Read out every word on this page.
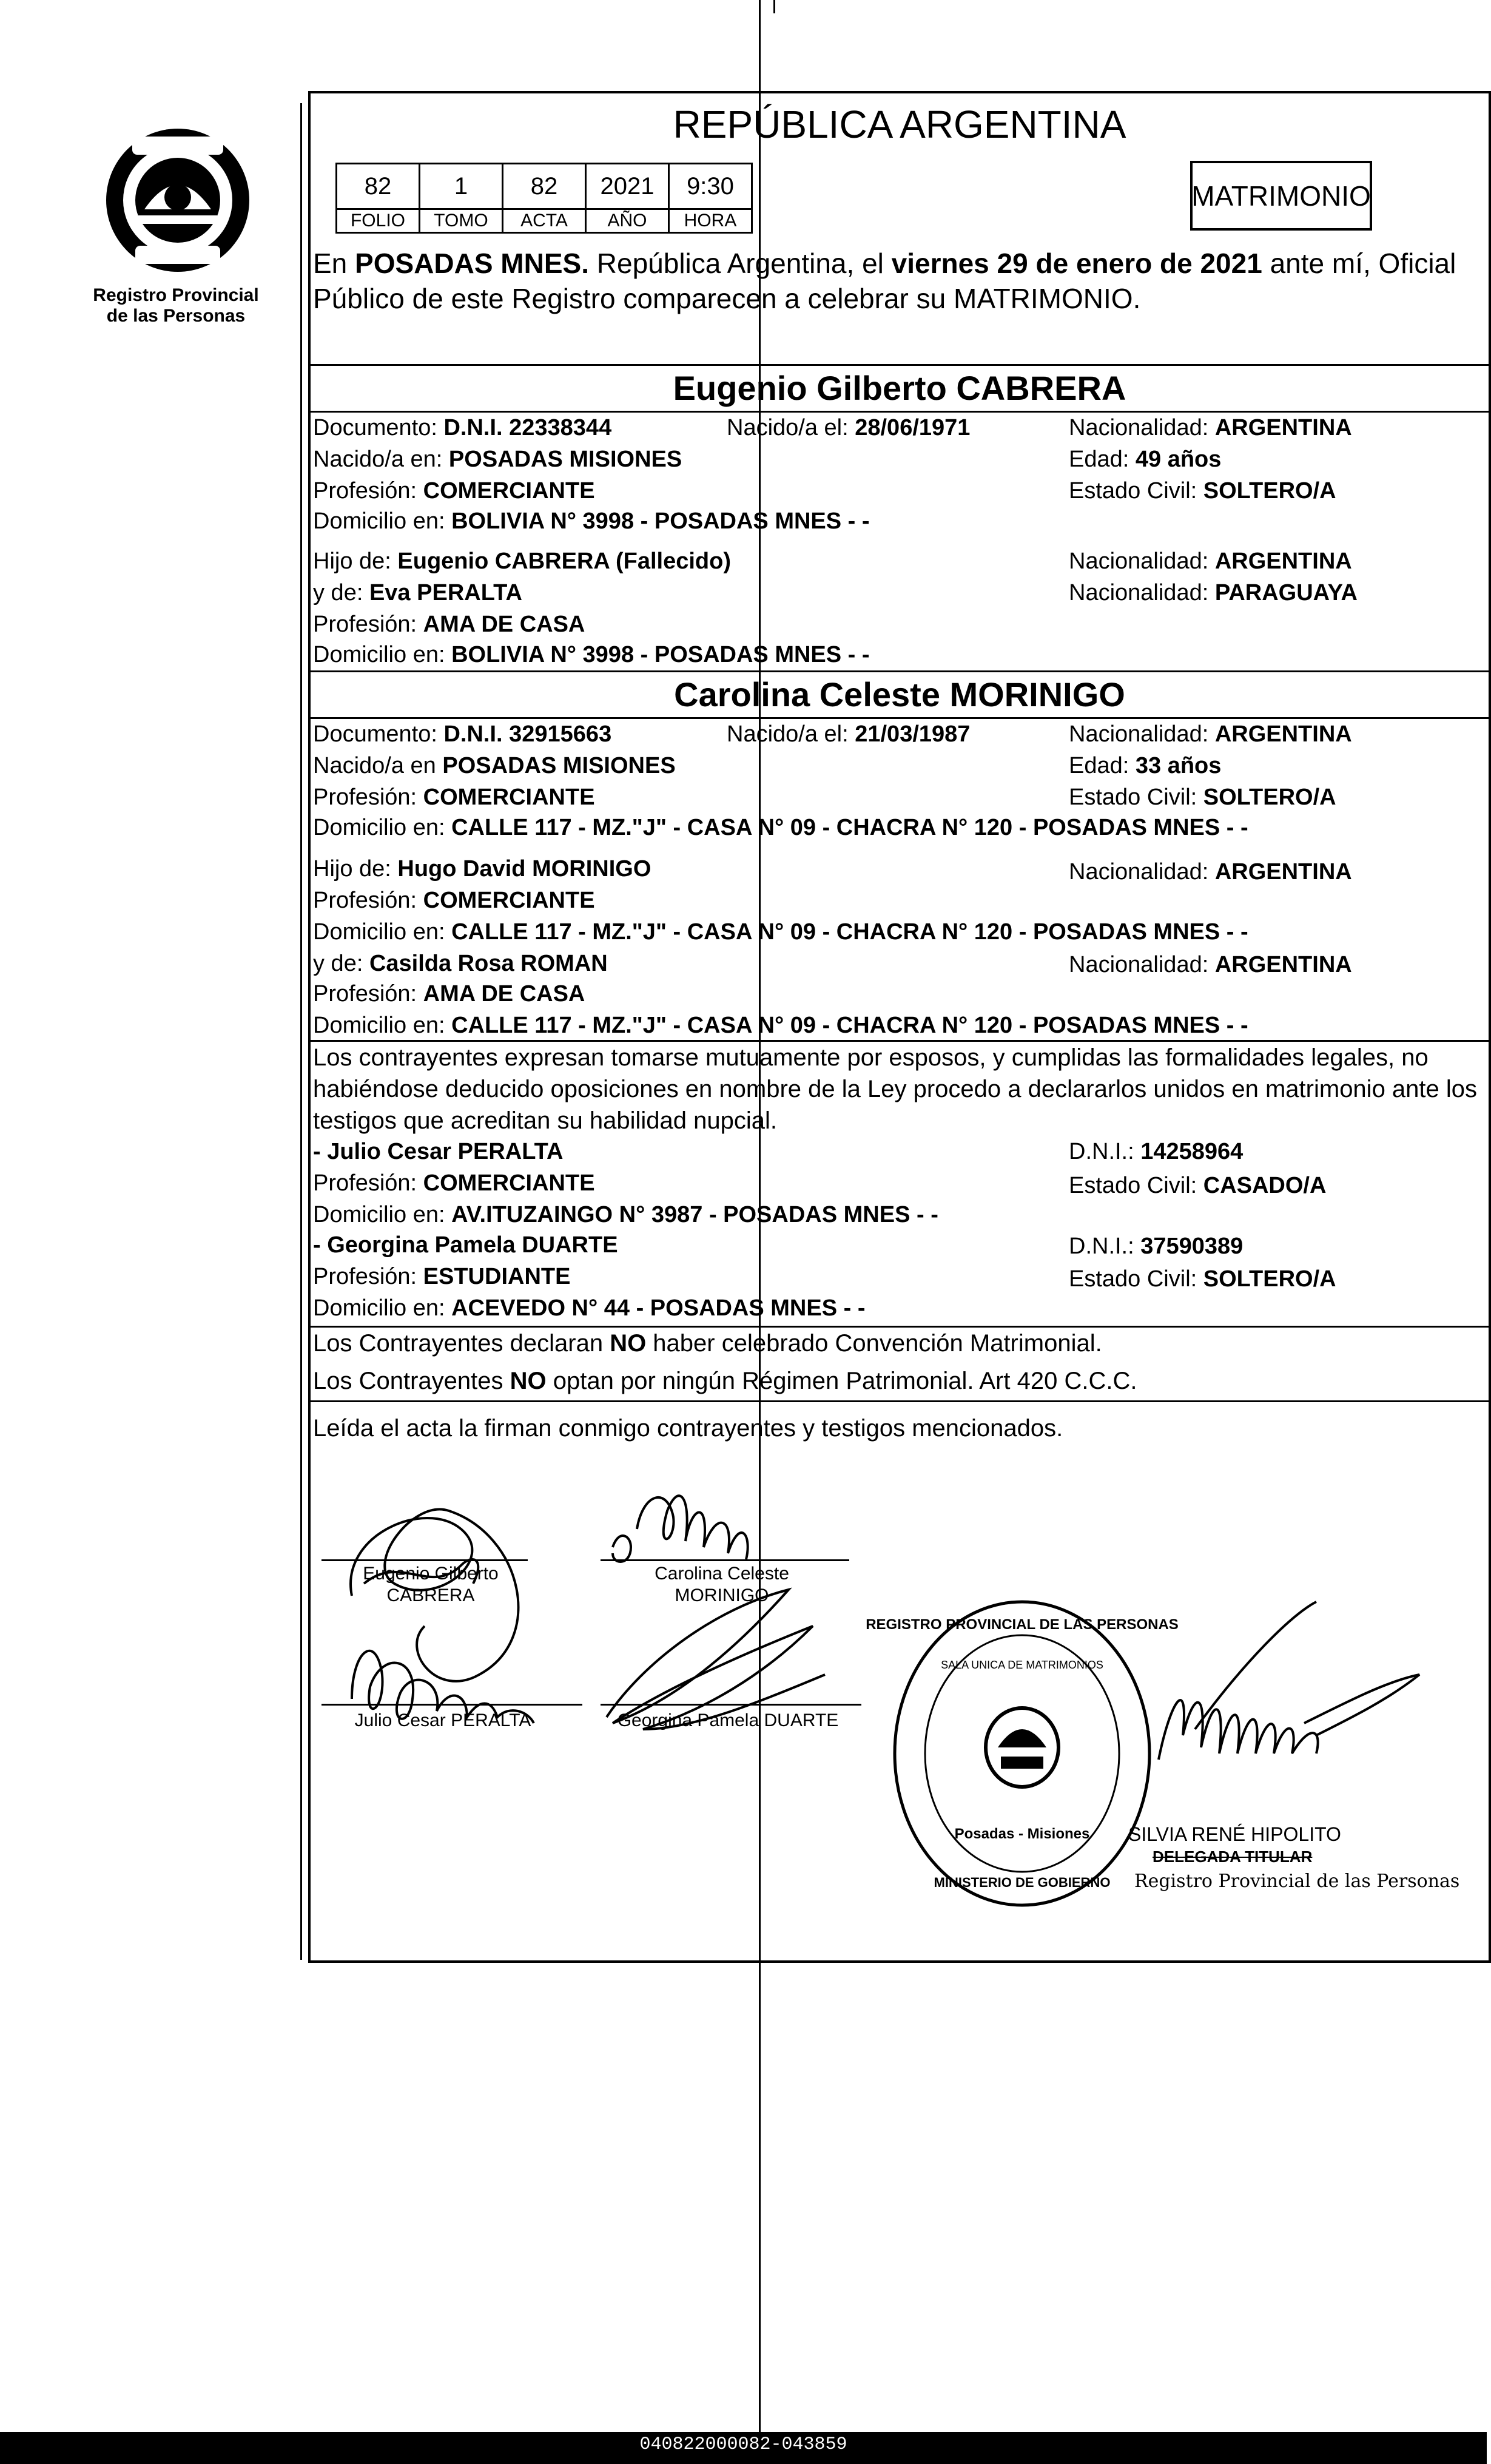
Registro Provincial
de las Personas
REPÚBLICA ARGENTINA
82	1	82	2021	9:30
FOLIO	TOMO	ACTA	AÑO	HORA
MATRIMONIO
En POSADAS MNES. República Argentina, el viernes 29 de enero de 2021 ante mí, Oficial Público de este Registro comparecen a celebrar su MATRIMONIO.
Eugenio Gilberto CABRERA
Documento: D.N.I. 22338344	Nacido/a el: 28/06/1971	Nacionalidad: ARGENTINA
Nacido/a en: POSADAS MISIONES	Edad: 49 años
Profesión: COMERCIANTE	Estado Civil: SOLTERO/A
Domicilio en: BOLIVIA N° 3998 - POSADAS MNES - -
Hijo de: Eugenio CABRERA (Fallecido)	Nacionalidad: ARGENTINA
y de: Eva PERALTA	Nacionalidad: PARAGUAYA
Profesión: AMA DE CASA
Domicilio en: BOLIVIA N° 3998 - POSADAS MNES - -
Carolina Celeste MORINIGO
Documento: D.N.I. 32915663	Nacido/a el: 21/03/1987	Nacionalidad: ARGENTINA
Nacido/a en POSADAS MISIONES	Edad: 33 años
Profesión: COMERCIANTE	Estado Civil: SOLTERO/A
Domicilio en: CALLE 117 - MZ."J" - CASA N° 09 - CHACRA N° 120 - POSADAS MNES - -
Hijo de: Hugo David MORINIGO	Nacionalidad: ARGENTINA
Profesión: COMERCIANTE
Domicilio en: CALLE 117 - MZ."J" - CASA N° 09 - CHACRA N° 120 - POSADAS MNES - -
y de: Casilda Rosa ROMAN	Nacionalidad: ARGENTINA
Profesión: AMA DE CASA
Domicilio en: CALLE 117 - MZ."J" - CASA N° 09 - CHACRA N° 120 - POSADAS MNES - -
Los contrayentes expresan tomarse mutuamente por esposos, y cumplidas las formalidades legales, no habiéndose deducido oposiciones en nombre de la Ley procedo a declararlos unidos en matrimonio ante los testigos que acreditan su habilidad nupcial.
- Julio Cesar PERALTA	D.N.I.: 14258964
Profesión: COMERCIANTE	Estado Civil: CASADO/A
Domicilio en: AV.ITUZAINGO N° 3987 - POSADAS MNES - -
- Georgina Pamela DUARTE	D.N.I.: 37590389
Profesión: ESTUDIANTE	Estado Civil: SOLTERO/A
Domicilio en: ACEVEDO N° 44 - POSADAS MNES - -
Los Contrayentes declaran NO haber celebrado Convención Matrimonial.
Los Contrayentes NO optan por ningún Régimen Patrimonial. Art 420 C.C.C.
Leída el acta la firman conmigo contrayentes y testigos mencionados.
Eugenio Gilberto
CABRERA
Carolina Celeste
MORINIGO
Julio Cesar PERALTA	Georgina Pamela DUARTE
REGISTRO PROVINCIAL DE LAS PERSONAS
SALA UNICA DE MATRIMONIOS
Posadas - Misiones
MINISTERIO DE GOBIERNO
SILVIA RENÉ HIPOLITO
DELEGADA TITULAR
Registro Provincial de las Personas
040822000082-043859
